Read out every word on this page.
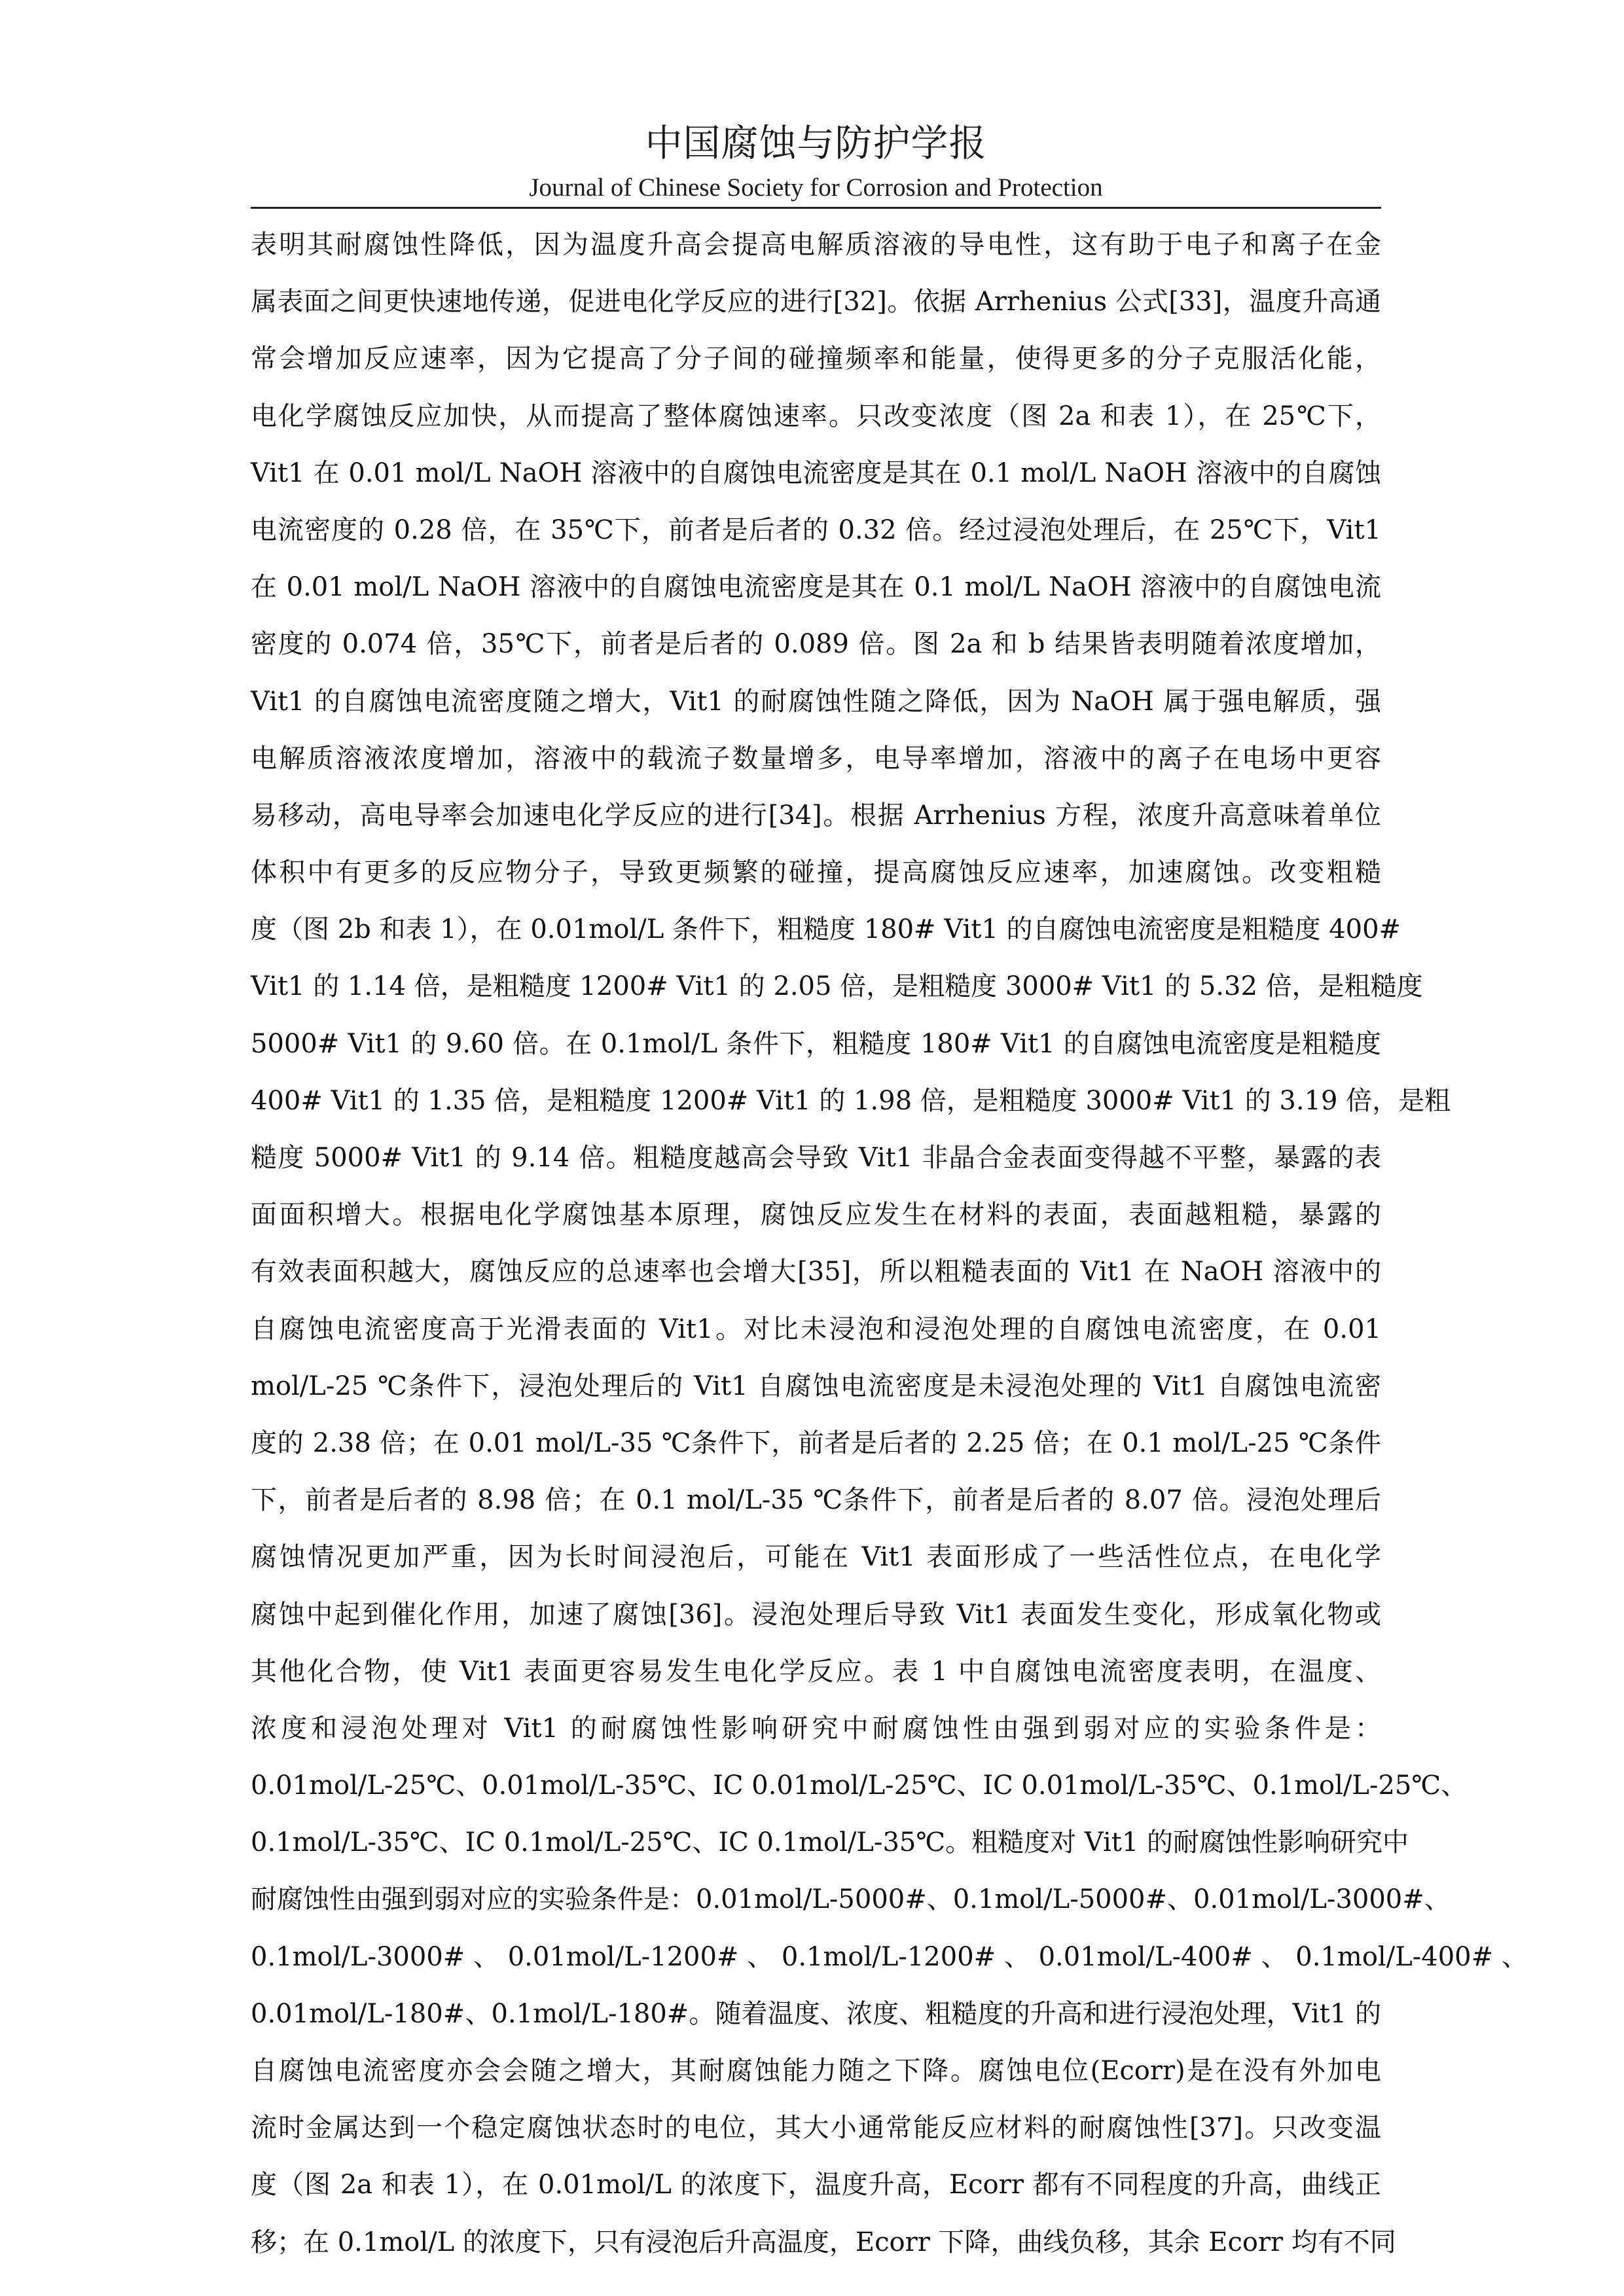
中国腐蚀与防护学报
Journal of Chinese Society for Corrosion and Protection
表明其耐腐蚀性降低，因为温度升高会提高电解质溶液的导电性，这有助于电子和离子在金
属表面之间更快速地传递，促进电化学反应的进行[32]。依据 Arrhenius 公式[33]，温度升高通
常会增加反应速率，因为它提高了分子间的碰撞频率和能量，使得更多的分子克服活化能，
电化学腐蚀反应加快，从而提高了整体腐蚀速率。只改变浓度（图 2a 和表 1），在 25℃下，
Vit1 在 0.01 mol/L NaOH 溶液中的自腐蚀电流密度是其在 0.1 mol/L NaOH 溶液中的自腐蚀
电流密度的 0.28 倍，在 35℃下，前者是后者的 0.32 倍。经过浸泡处理后，在 25℃下，Vit1
在 0.01 mol/L NaOH 溶液中的自腐蚀电流密度是其在 0.1 mol/L NaOH 溶液中的自腐蚀电流
密度的 0.074 倍，35℃下，前者是后者的 0.089 倍。图 2a 和 b 结果皆表明随着浓度增加，
Vit1 的自腐蚀电流密度随之增大，Vit1 的耐腐蚀性随之降低，因为 NaOH 属于强电解质，强
电解质溶液浓度增加，溶液中的载流子数量增多，电导率增加，溶液中的离子在电场中更容
易移动，高电导率会加速电化学反应的进行[34]。根据 Arrhenius 方程，浓度升高意味着单位
体积中有更多的反应物分子，导致更频繁的碰撞，提高腐蚀反应速率，加速腐蚀。改变粗糙
度（图 2b 和表 1），在 0.01mol/L 条件下，粗糙度 180# Vit1 的自腐蚀电流密度是粗糙度 400#
Vit1 的 1.14 倍，是粗糙度 1200# Vit1 的 2.05 倍，是粗糙度 3000# Vit1 的 5.32 倍，是粗糙度
5000# Vit1 的 9.60 倍。在 0.1mol/L 条件下，粗糙度 180# Vit1 的自腐蚀电流密度是粗糙度
400# Vit1 的 1.35 倍，是粗糙度 1200# Vit1 的 1.98 倍，是粗糙度 3000# Vit1 的 3.19 倍，是粗
糙度 5000# Vit1 的 9.14 倍。粗糙度越高会导致 Vit1 非晶合金表面变得越不平整，暴露的表
面面积增大。根据电化学腐蚀基本原理，腐蚀反应发生在材料的表面，表面越粗糙，暴露的
有效表面积越大，腐蚀反应的总速率也会增大[35]，所以粗糙表面的 Vit1 在 NaOH 溶液中的
自腐蚀电流密度高于光滑表面的 Vit1。对比未浸泡和浸泡处理的自腐蚀电流密度，在 0.01
mol/L-25 ℃条件下，浸泡处理后的 Vit1 自腐蚀电流密度是未浸泡处理的 Vit1 自腐蚀电流密
度的 2.38 倍；在 0.01 mol/L-35 ℃条件下，前者是后者的 2.25 倍；在 0.1 mol/L-25 ℃条件
下，前者是后者的 8.98 倍；在 0.1 mol/L-35 ℃条件下，前者是后者的 8.07 倍。浸泡处理后
腐蚀情况更加严重，因为长时间浸泡后，可能在 Vit1 表面形成了一些活性位点，在电化学
腐蚀中起到催化作用，加速了腐蚀[36]。浸泡处理后导致 Vit1 表面发生变化，形成氧化物或
其他化合物，使 Vit1 表面更容易发生电化学反应。表 1 中自腐蚀电流密度表明，在温度、
浓度和浸泡处理对 Vit1 的耐腐蚀性影响研究中耐腐蚀性由强到弱对应的实验条件是：
0.01mol/L-25℃、0.01mol/L-35℃、IC 0.01mol/L-25℃、IC 0.01mol/L-35℃、0.1mol/L-25℃、
0.1mol/L-35℃、IC 0.1mol/L-25℃、IC 0.1mol/L-35℃。粗糙度对 Vit1 的耐腐蚀性影响研究中
耐腐蚀性由强到弱对应的实验条件是：0.01mol/L-5000#、0.1mol/L-5000#、0.01mol/L-3000#、
0.1mol/L-3000# 、 0.01mol/L-1200# 、 0.1mol/L-1200# 、 0.01mol/L-400# 、 0.1mol/L-400# 、
0.01mol/L-180#、0.1mol/L-180#。随着温度、浓度、粗糙度的升高和进行浸泡处理，Vit1 的
自腐蚀电流密度亦会会随之增大，其耐腐蚀能力随之下降。腐蚀电位(Ecorr)是在没有外加电
流时金属达到一个稳定腐蚀状态时的电位，其大小通常能反应材料的耐腐蚀性[37]。只改变温
度（图 2a 和表 1），在 0.01mol/L 的浓度下，温度升高，Ecorr 都有不同程度的升高，曲线正
移；在 0.1mol/L 的浓度下，只有浸泡后升高温度，Ecorr 下降，曲线负移，其余 Ecorr 均有不同
